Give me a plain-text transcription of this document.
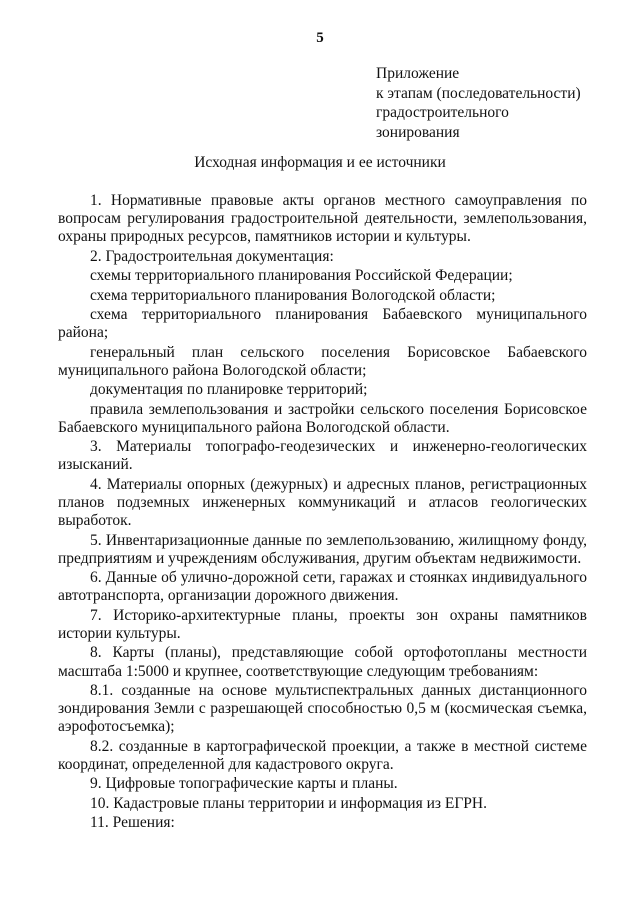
5
Приложение
к этапам (последовательности)
градостроительного
зонирования
Исходная информация и ее источники

1. Нормативные правовые акты органов местного самоуправления по вопросам регулирования градостроительной деятельности, землепользования, охраны природных ресурсов, памятников истории и культуры.

2. Градостроительная документация:

схемы территориального планирования Российской Федерации;

схема территориального планирования Вологодской области;

схема территориального планирования Бабаевского муниципального района;

генеральный план сельского поселения Борисовское Бабаевского муниципального района Вологодской области;

документация по планировке территорий;

правила землепользования и застройки сельского поселения Борисовское Бабаевского муниципального района Вологодской области.

3. Материалы топографо-геодезических и инженерно-геологических изысканий.

4. Материалы опорных (дежурных) и адресных планов, регистрационных планов подземных инженерных коммуникаций и атласов геологических выработок.

5. Инвентаризационные данные по землепользованию, жилищному фонду, предприятиям и учреждениям обслуживания, другим объектам недвижимости.

6. Данные об улично-дорожной сети, гаражах и стоянках индивидуального автотранспорта, организации дорожного движения.

7. Историко-архитектурные планы, проекты зон охраны памятников истории культуры.

8. Карты (планы), представляющие собой ортофотопланы местности масштаба 1:5000 и крупнее, соответствующие следующим требованиям:

8.1. созданные на основе мультиспектральных данных дистанционного зондирования Земли с разрешающей способностью 0,5 м (космическая съемка, аэрофотосъемка);

8.2. созданные в картографической проекции, а также в местной системе координат, определенной для кадастрового округа.

9. Цифровые топографические карты и планы.

10. Кадастровые планы территории и информация из ЕГРН.

11. Решения:
